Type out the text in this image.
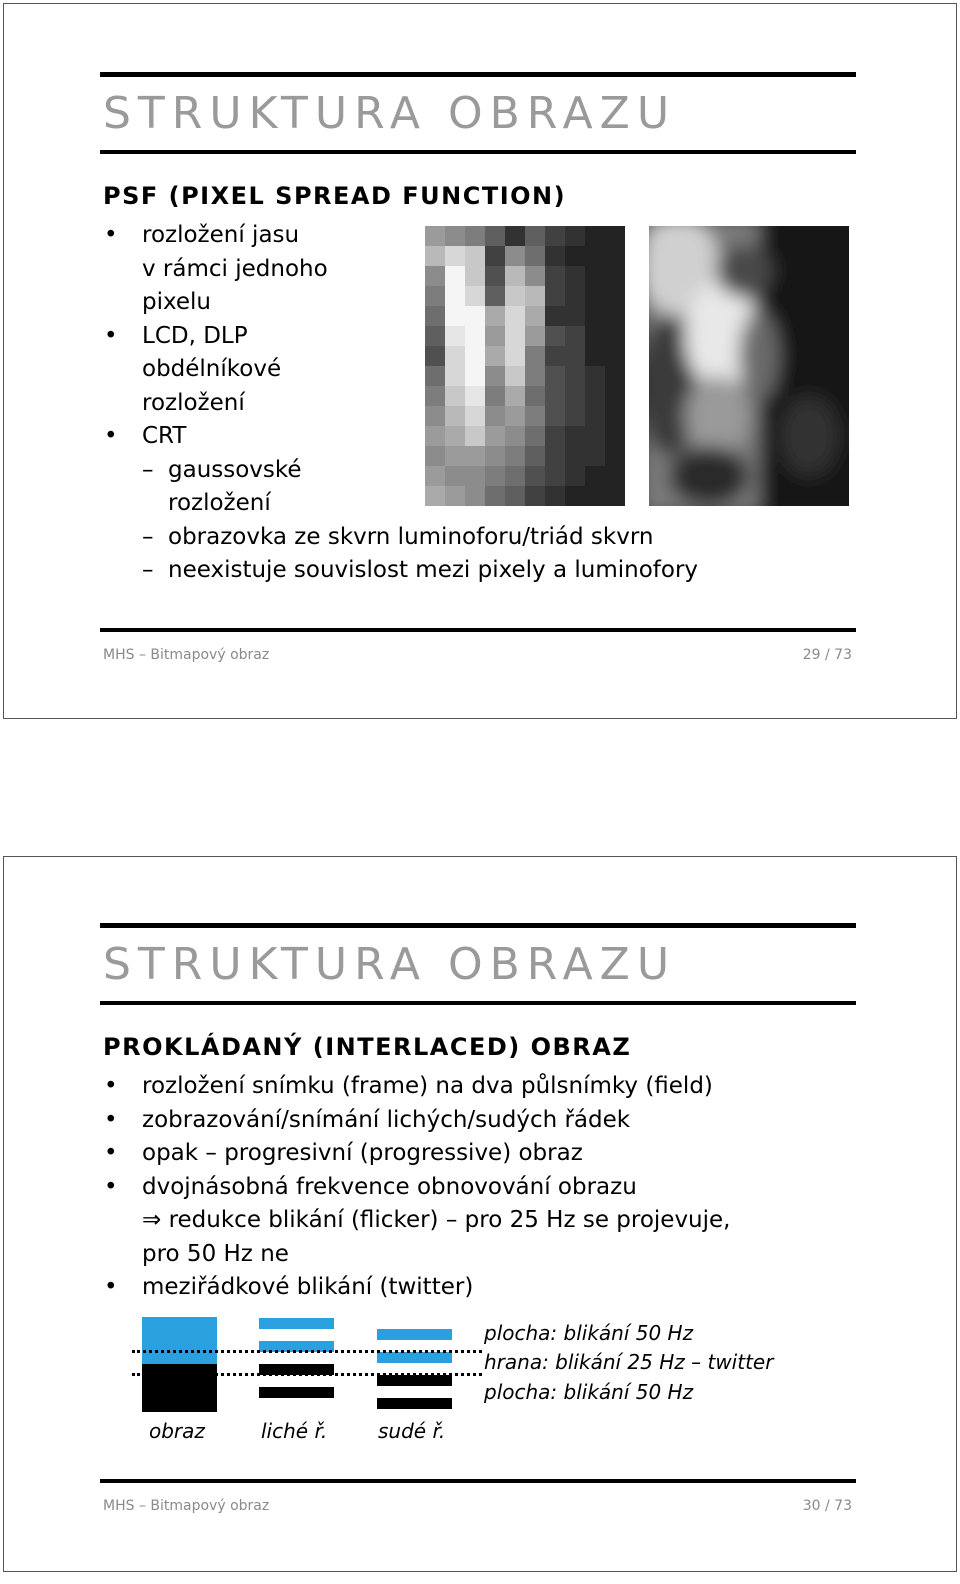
STRUKTURA OBRAZU
PSF (PIXEL SPREAD FUNCTION)
• rozložení jasu
v rámci jednoho
pixelu
• LCD, DLP
obdélníkové
rozložení
• CRT
– gaussovské
rozložení
– obrazovka ze skvrn luminoforu/triád skvrn
– neexistuje souvislost mezi pixely a luminofory
MHS – Bitmapový obraz	29 / 73
STRUKTURA OBRAZU
PROKLÁDANÝ (INTERLACED) OBRAZ
• rozložení snímku (frame) na dva půlsnímky (field)
• zobrazování/snímání lichých/sudých řádek
• opak – progresivní (progressive) obraz
• dvojnásobná frekvence obnovování obrazu
⇒ redukce blikání (flicker) – pro 25 Hz se projevuje,
pro 50 Hz ne
• meziřádkové blikání (twitter)
obraz	liché ř.	sudé ř.
plocha: blikání 50 Hz
hrana: blikání 25 Hz – twitter
plocha: blikání 50 Hz
MHS – Bitmapový obraz	30 / 73
